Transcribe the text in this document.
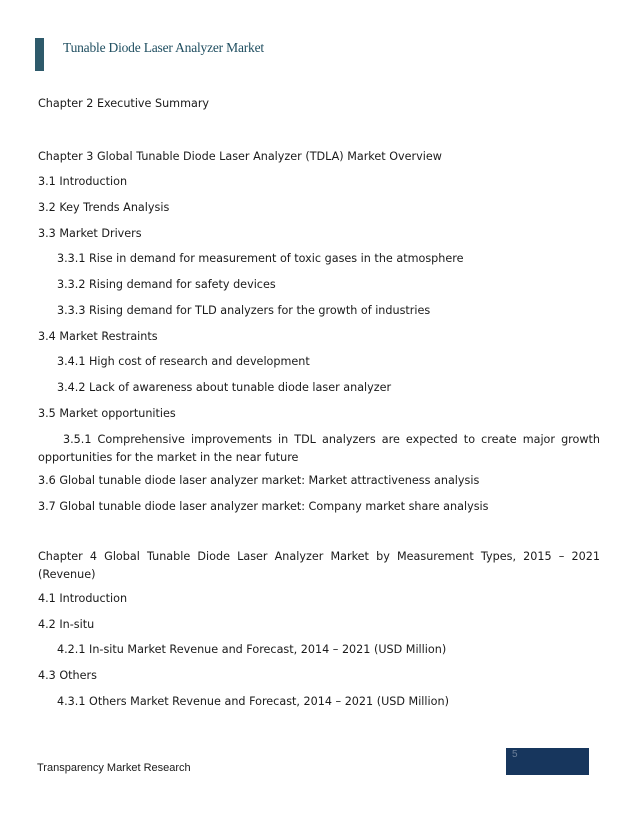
Tunable Diode Laser Analyzer Market
Chapter 2 Executive Summary
Chapter 3 Global Tunable Diode Laser Analyzer (TDLA) Market Overview
3.1 Introduction
3.2 Key Trends Analysis
3.3 Market Drivers
3.3.1 Rise in demand for measurement of toxic gases in the atmosphere
3.3.2 Rising demand for safety devices
3.3.3 Rising demand for TLD analyzers for the growth of industries
3.4 Market Restraints
3.4.1 High cost of research and development
3.4.2 Lack of awareness about tunable diode laser analyzer
3.5 Market opportunities
3.5.1 Comprehensive improvements in TDL analyzers are expected to create major growth opportunities for the market in the near future
3.6 Global tunable diode laser analyzer market: Market attractiveness analysis
3.7 Global tunable diode laser analyzer market: Company market share analysis
Chapter 4 Global Tunable Diode Laser Analyzer Market by Measurement Types, 2015 – 2021 (Revenue)
4.1 Introduction
4.2 In-situ
4.2.1 In-situ Market Revenue and Forecast, 2014 – 2021 (USD Million)
4.3 Others
4.3.1 Others Market Revenue and Forecast, 2014 – 2021 (USD Million)
5
Transparency Market Research
